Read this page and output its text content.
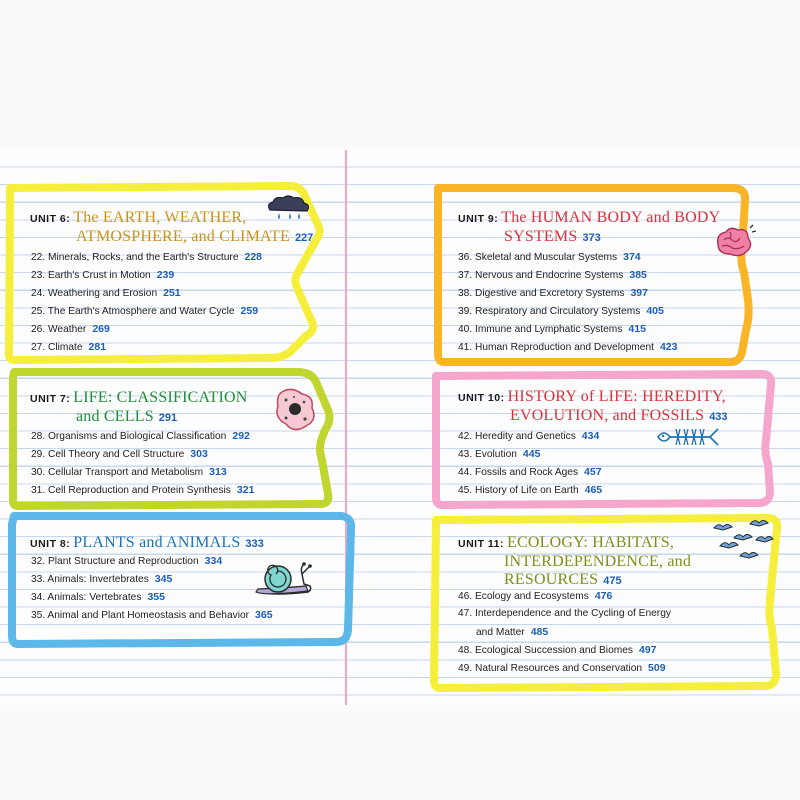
UNIT 6: The EARTH, WEATHER,
ATMOSPHERE, and CLIMATE 227
22. Minerals, Rocks, and the Earth's Structure 228
23. Earth's Crust in Motion 239
24. Weathering and Erosion 251
25. The Earth's Atmosphere and Water Cycle 259
26. Weather 269
27. Climate 281
UNIT 7: LIFE: CLASSIFICATION
and CELLS 291
28. Organisms and Biological Classification 292
29. Cell Theory and Cell Structure 303
30. Cellular Transport and Metabolism 313
31. Cell Reproduction and Protein Synthesis 321
UNIT 8: PLANTS and ANIMALS 333
32. Plant Structure and Reproduction 334
33. Animals: Invertebrates 345
34. Animals: Vertebrates 355
35. Animal and Plant Homeostasis and Behavior 365
UNIT 9: The HUMAN BODY and BODY
SYSTEMS 373
36. Skeletal and Muscular Systems 374
37. Nervous and Endocrine Systems 385
38. Digestive and Excretory Systems 397
39. Respiratory and Circulatory Systems 405
40. Immune and Lymphatic Systems 415
41. Human Reproduction and Development 423
UNIT 10: HISTORY of LIFE: HEREDITY,
EVOLUTION, and FOSSILS 433
42. Heredity and Genetics 434
43. Evolution 445
44. Fossils and Rock Ages 457
45. History of Life on Earth 465
UNIT 11: ECOLOGY: HABITATS,
INTERDEPENDENCE, and
RESOURCES 475
46. Ecology and Ecosystems 476
47. Interdependence and the Cycling of Energy
and Matter 485
48. Ecological Succession and Biomes 497
49. Natural Resources and Conservation 509
